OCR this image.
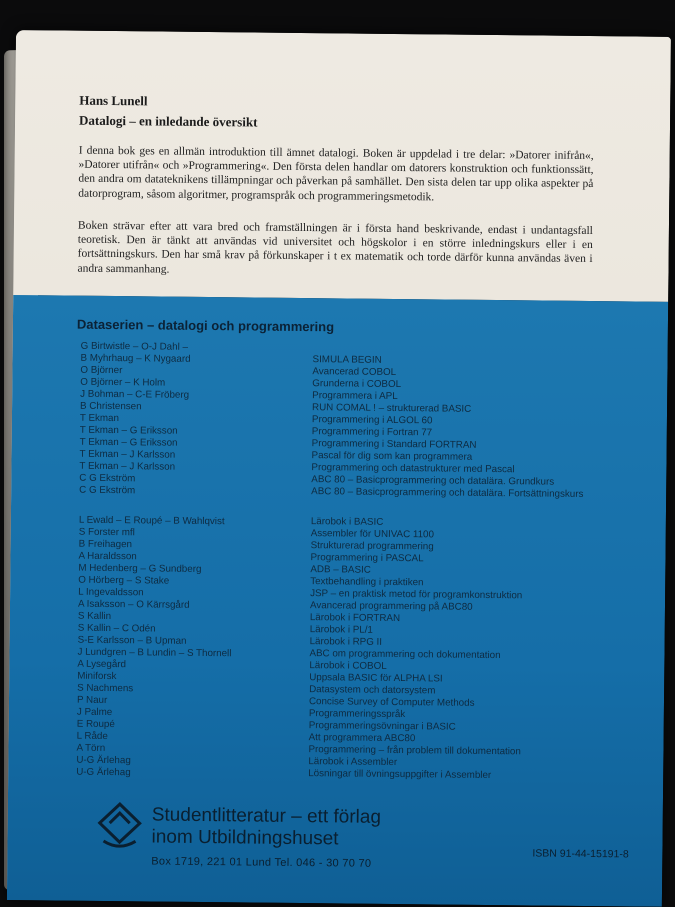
Hans Lunell
Datalogi – en inledande översikt
I denna bok ges en allmän introduktion till ämnet datalogi. Boken är uppdelad i tre delar: »Datorer inifrån«, »Datorer utifrån« och »Programmering«. Den första delen handlar om datorers konstruktion och funktionssätt, den andra om datateknikens tillämpningar och påverkan på samhället. Den sista delen tar upp olika aspekter på datorprogram, såsom algoritmer, programspråk och programmeringsmetodik.
Boken strävar efter att vara bred och framställningen är i första hand beskrivande, endast i undantagsfall teoretisk. Den är tänkt att användas vid universitet och högskolor i en större inledningskurs eller i en fortsättningskurs. Den har små krav på förkunskaper i t ex matematik och torde därför kunna användas även i andra sammanhang.
Dataserien – datalogi och programmering
G Birtwistle – O-J Dahl –
B Myhrhaug – K Nygaard
O Björner
O Björner – K Holm
J Bohman – C-E Fröberg
B Christensen
T Ekman
T Ekman – G Eriksson
T Ekman – G Eriksson
T Ekman – J Karlsson
T Ekman – J Karlsson
C G Ekström
C G Ekström
L Ewald – E Roupé – B Wahlqvist
S Forster mfl
B Freihagen
A Haraldsson
M Hedenberg – G Sundberg
O Hörberg – S Stake
L Ingevaldsson
A Isaksson – O Kärrsgård
S Kallin
S Kallin – C Odén
S-E Karlsson – B Upman
J Lundgren – B Lundin – S Thornell
A Lysegård
Miniforsk
S Nachmens
P Naur
J Palme
E Roupé
L Råde
A Törn
U-G Ärlehag
U-G Ärlehag
SIMULA BEGIN
Avancerad COBOL
Grunderna i COBOL
Programmera i APL
RUN COMAL ! – strukturerad BASIC
Programmering i ALGOL 60
Programmering i Fortran 77
Programmering i Standard FORTRAN
Pascal för dig som kan programmera
Programmering och datastrukturer med Pascal
ABC 80 – Basicprogrammering och datalära. Grundkurs
ABC 80 – Basicprogrammering och datalära. Fortsättningskurs
Lärobok i BASIC
Assembler för UNIVAC 1100
Strukturerad programmering
Programmering i PASCAL
ADB – BASIC
Textbehandling i praktiken
JSP – en praktisk metod för programkonstruktion
Avancerad programmering på ABC80
Lärobok i FORTRAN
Lärobok i PL/1
Lärobok i RPG II
ABC om programmering och dokumentation
Lärobok i COBOL
Uppsala BASIC för ALPHA LSI
Datasystem och datorsystem
Concise Survey of Computer Methods
Programmeringsspråk
Programmeringsövningar i BASIC
Att programmera ABC80
Programmering – från problem till dokumentation
Lärobok i Assembler
Lösningar till övningsuppgifter i Assembler
Studentlitteratur – ett förlag
inom Utbildningshuset
Box 1719, 221 01 Lund Tel. 046 - 30 70 70
ISBN 91-44-15191-8
